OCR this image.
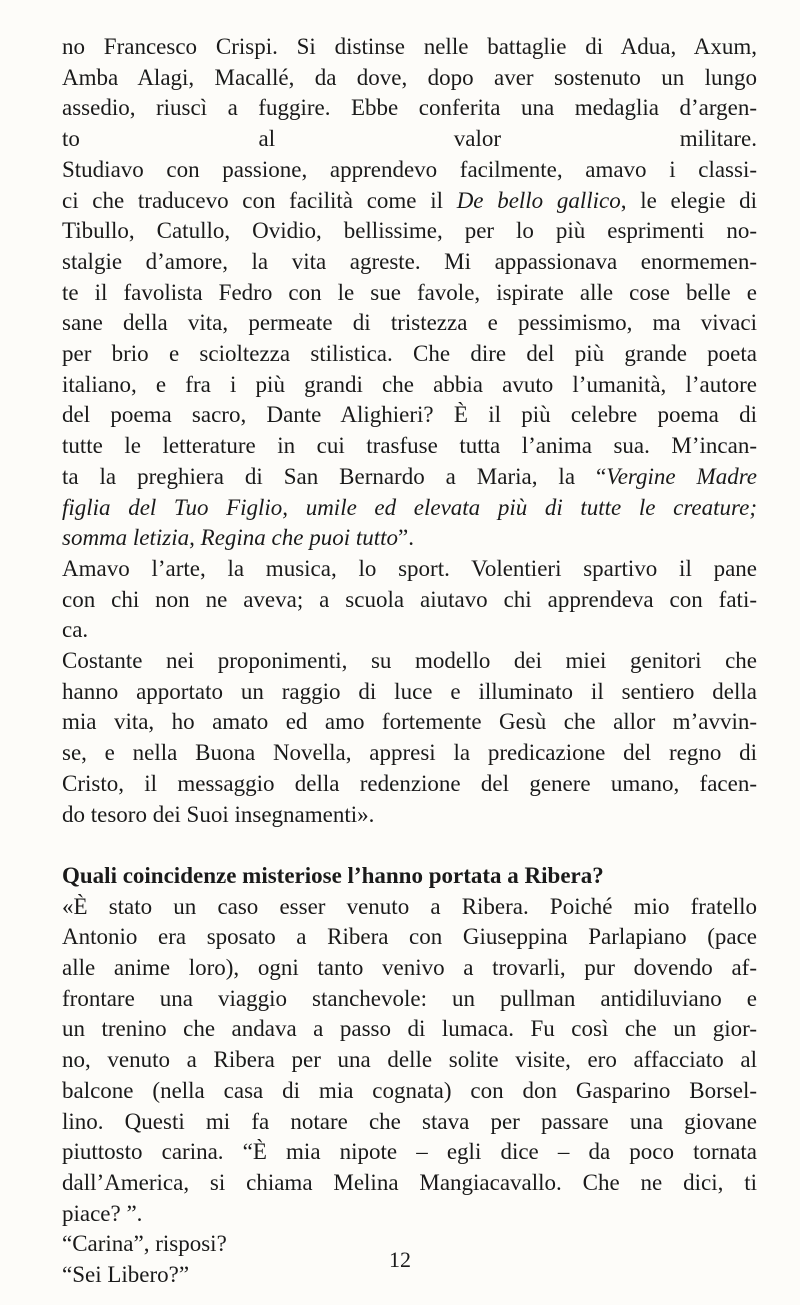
no Francesco Crispi. Si distinse nelle battaglie di Adua, Axum,
Amba Alagi, Macallé, da dove, dopo aver sostenuto un lungo
assedio, riuscì a fuggire. Ebbe conferita una medaglia d’argen-
to al valor militare.
Studiavo con passione, apprendevo facilmente, amavo i classi-
ci che traducevo con facilità come il De bello gallico, le elegie di
Tibullo, Catullo, Ovidio, bellissime, per lo più esprimenti no-
stalgie d’amore, la vita agreste. Mi appassionava enormemen-
te il favolista Fedro con le sue favole, ispirate alle cose belle e
sane della vita, permeate di tristezza e pessimismo, ma vivaci
per brio e scioltezza stilistica. Che dire del più grande poeta
italiano, e fra i più grandi che abbia avuto l’umanità, l’autore
del poema sacro, Dante Alighieri? È il più celebre poema di
tutte le letterature in cui trasfuse tutta l’anima sua. M’incan-
ta la preghiera di San Bernardo a Maria, la “Vergine Madre
figlia del Tuo Figlio, umile ed elevata più di tutte le creature;
somma letizia, Regina che puoi tutto”.
Amavo l’arte, la musica, lo sport. Volentieri spartivo il pane
con chi non ne aveva; a scuola aiutavo chi apprendeva con fati-
ca.
Costante nei proponimenti, su modello dei miei genitori che
hanno apportato un raggio di luce e illuminato il sentiero della
mia vita, ho amato ed amo fortemente Gesù che allor m’avvin-
se, e nella Buona Novella, appresi la predicazione del regno di
Cristo, il messaggio della redenzione del genere umano, facen-
do tesoro dei Suoi insegnamenti».
Quali coincidenze misteriose l’hanno portata a Ribera?
«È stato un caso esser venuto a Ribera. Poiché mio fratello
Antonio era sposato a Ribera con Giuseppina Parlapiano (pace
alle anime loro), ogni tanto venivo a trovarli, pur dovendo af-
frontare una viaggio stanchevole: un pullman antidiluviano e
un trenino che andava a passo di lumaca. Fu così che un gior-
no, venuto a Ribera per una delle solite visite, ero affacciato al
balcone (nella casa di mia cognata) con don Gasparino Borsel-
lino. Questi mi fa notare che stava per passare una giovane
piuttosto carina. “È mia nipote – egli dice – da poco tornata
dall’America, si chiama Melina Mangiacavallo. Che ne dici, ti
piace? ”.
“Carina”, risposi?
“Sei Libero?”
12
